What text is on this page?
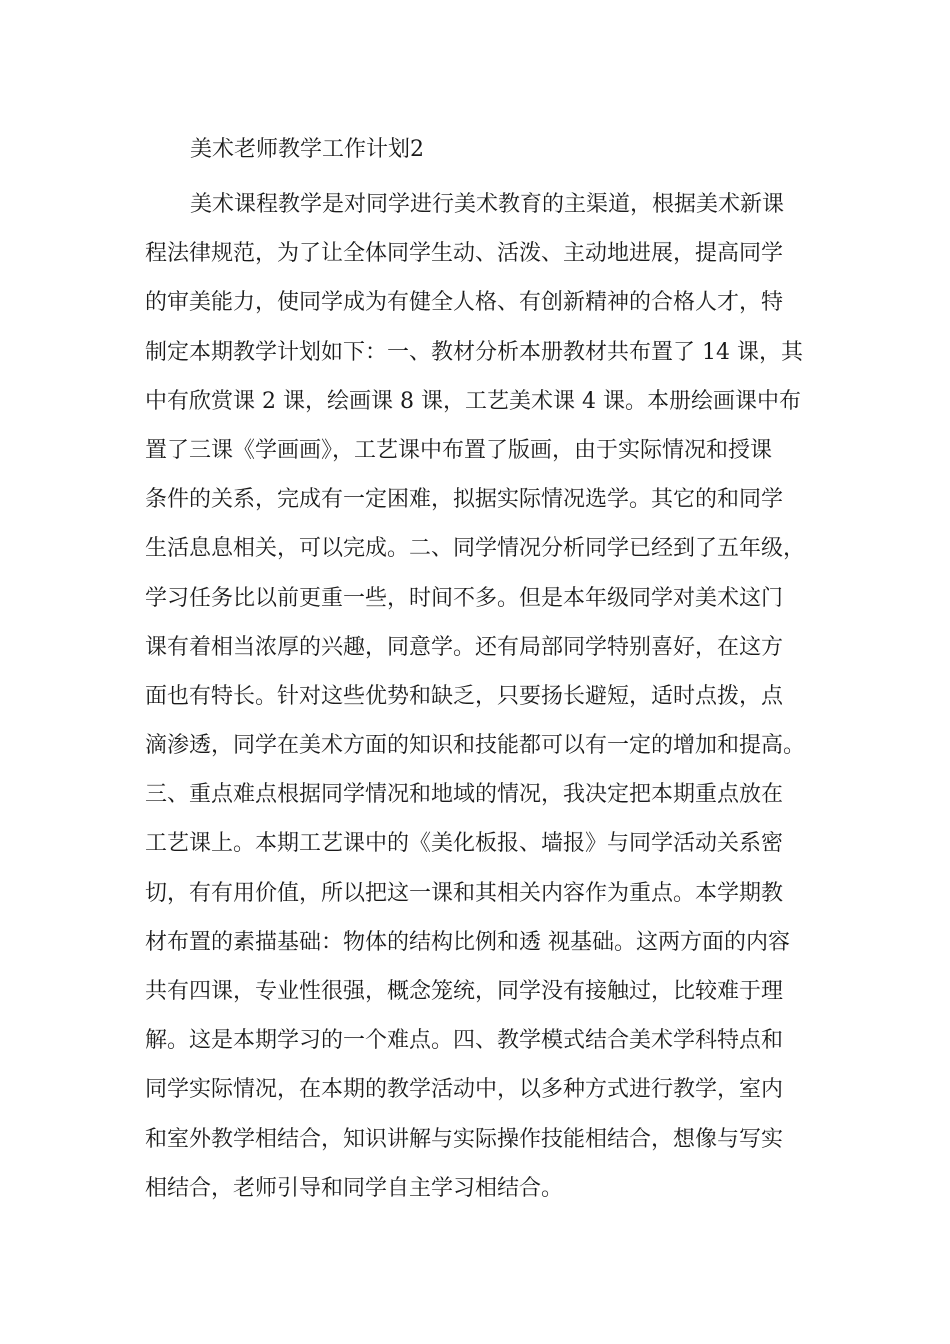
美术老师教学工作计划2
美术课程教学是对同学进行美术教育的主渠道，根据美术新课
程法律规范，为了让全体同学生动、活泼、主动地进展，提高同学
的审美能力，使同学成为有健全人格、有创新精神的合格人才，特
制定本期教学计划如下：一、教材分析本册教材共布置了 14 课，其
中有欣赏课 2 课，绘画课 8 课，工艺美术课 4 课。本册绘画课中布
置了三课《学画画》，工艺课中布置了版画，由于实际情况和授课
条件的关系，完成有一定困难，拟据实际情况选学。其它的和同学
生活息息相关，可以完成。二、同学情况分析同学已经到了五年级，
学习任务比以前更重一些，时间不多。但是本年级同学对美术这门
课有着相当浓厚的兴趣，同意学。还有局部同学特别喜好，在这方
面也有特长。针对这些优势和缺乏，只要扬长避短，适时点拨，点
滴渗透，同学在美术方面的知识和技能都可以有一定的增加和提高。
三、重点难点根据同学情况和地域的情况，我决定把本期重点放在
工艺课上。本期工艺课中的《美化板报、墙报》与同学活动关系密
切，有有用价值，所以把这一课和其相关内容作为重点。本学期教
材布置的素描基础：物体的结构比例和透 视基础。这两方面的内容
共有四课，专业性很强，概念笼统，同学没有接触过，比较难于理
解。这是本期学习的一个难点。四、教学模式结合美术学科特点和
同学实际情况，在本期的教学活动中，以多种方式进行教学，室内
和室外教学相结合，知识讲解与实际操作技能相结合，想像与写实
相结合，老师引导和同学自主学习相结合。
